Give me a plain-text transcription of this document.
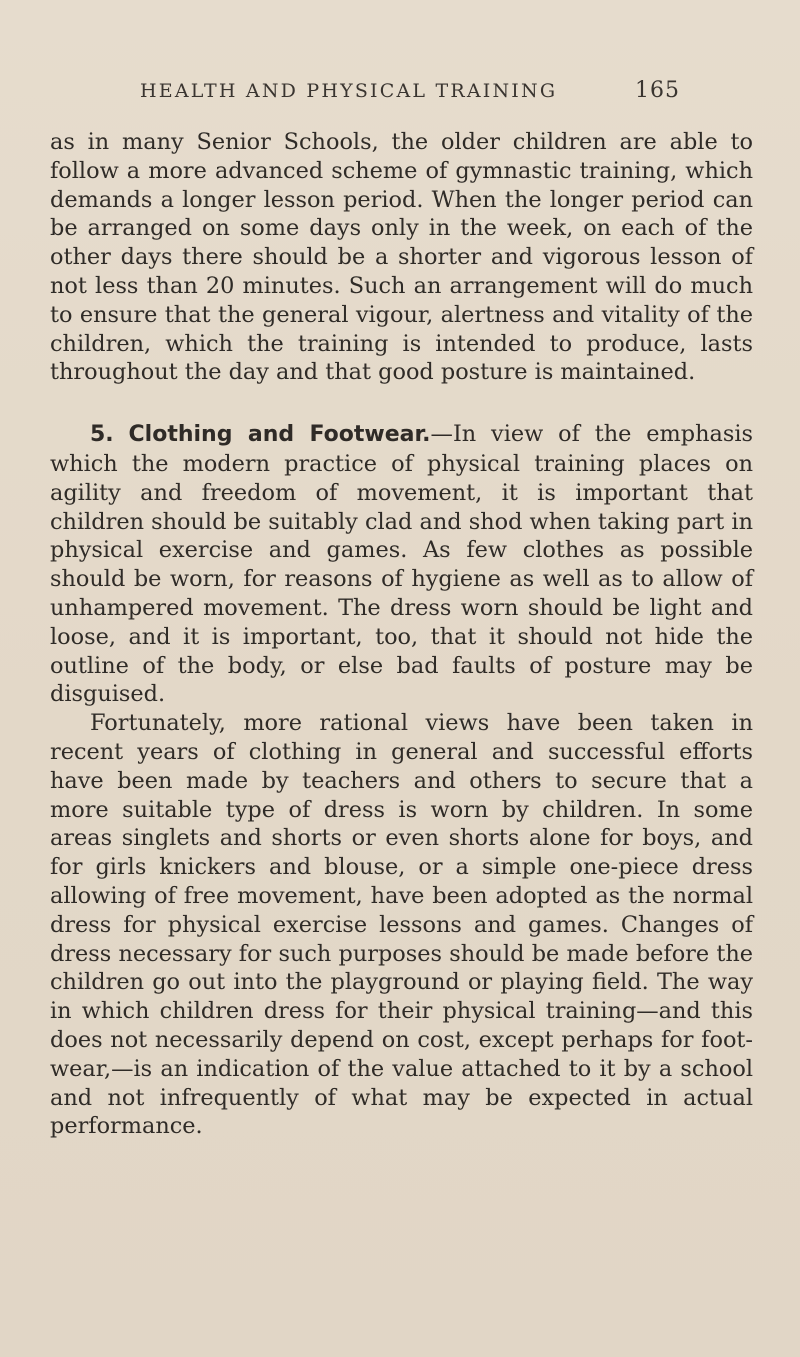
HEALTH AND PHYSICAL TRAINING	165

as in many Senior Schools, the older children are able to follow a more advanced scheme of gymnastic training, which demands a longer lesson period. When the longer period can be arranged on some days only in the week, on each of the other days there should be a shorter and vigorous lesson of not less than 20 minutes. Such an arrangement will do much to ensure that the general vigour, alertness and vitality of the children, which the training is intended to produce, lasts throughout the day and that good posture is maintained.

5. Clothing and Footwear.—In view of the emphasis which the modern practice of physical training places on agility and freedom of movement, it is important that children should be suitably clad and shod when taking part in physical exercise and games. As few clothes as possible should be worn, for reasons of hygiene as well as to allow of unhampered movement. The dress worn should be light and loose, and it is important, too, that it should not hide the outline of the body, or else bad faults of posture may be disguised.

Fortunately, more rational views have been taken in recent years of clothing in general and successful efforts have been made by teachers and others to secure that a more suitable type of dress is worn by children. In some areas singlets and shorts or even shorts alone for boys, and for girls knickers and blouse, or a simple one-piece dress allowing of free movement, have been adopted as the normal dress for physical exercise lessons and games. Changes of dress necessary for such purposes should be made before the children go out into the playground or playing field. The way in which children dress for their physical training—and this does not necessarily depend on cost, except perhaps for foot-wear,—is an indication of the value attached to it by a school and not infrequently of what may be expected in actual performance.
